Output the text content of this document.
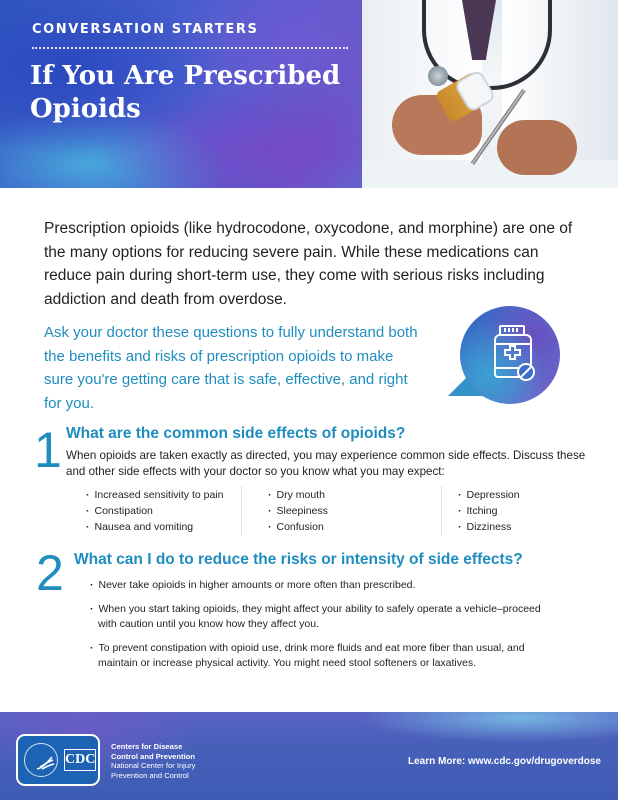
CONVERSATION STARTERS
If You Are Prescribed Opioids

Prescription opioids (like hydrocodone, oxycodone, and morphine) are one of the many options for reducing severe pain. While these medications can reduce pain during short-term use, they come with serious risks including addiction and death from overdose.

Ask your doctor these questions to fully understand both the benefits and risks of prescription opioids to make sure you're getting care that is safe, effective, and right for you.

1 What are the common side effects of opioids?

When opioids are taken exactly as directed, you may experience common side effects. Discuss these and other side effects with your doctor so you know what you may expect:

· Increased sensitivity to pain
· Constipation
· Nausea and vomiting
· Dry mouth
· Sleepiness
· Confusion
· Depression
· Itching
· Dizziness
2 What can I do to reduce the risks or intensity of side effects?
· Never take opioids in higher amounts or more often than prescribed.
· When you start taking opioids, they might affect your ability to safely operate a vehicle–proceed with caution until you know how they affect you.
· To prevent constipation with opioid use, drink more fluids and eat more fiber than usual, and maintain or increase physical activity. You might need stool softeners or laxatives.
CDC
Centers for Disease
Control and Prevention
National Center for Injury
Prevention and Control
Learn More: www.cdc.gov/drugoverdose
